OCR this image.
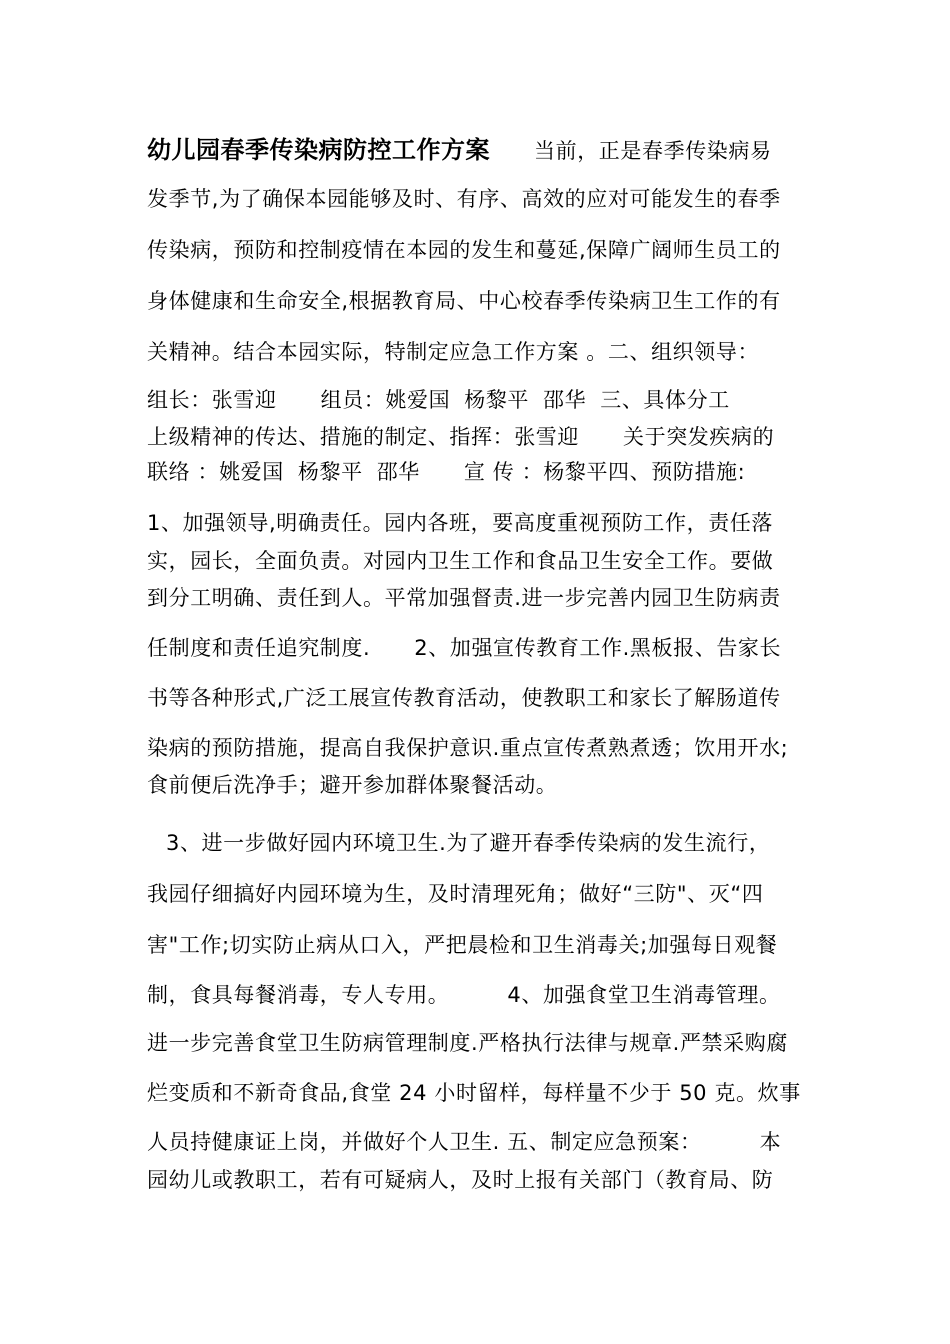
幼儿园春季传染病防控工作方案 当前，正是春季传染病易
发季节,为了确保本园能够及时、有序、高效的应对可能发生的春季
传染病，预防和控制疫情在本园的发生和蔓延,保障广阔师生员工的
身体健康和生命安全,根据教育局、中心校春季传染病卫生工作的有
关精神。结合本园实际，特制定应急工作方案 。二、组织领导：
组长：张雪迎 组员：姚爱国 杨黎平 邵华 三、具体分工
上级精神的传达、措施的制定、指挥：张雪迎 关于突发疾病的
联络 ：姚爱国 杨黎平 邵华 宣 传 ：杨黎平四、预防措施:
1、加强领导,明确责任。园内各班，要高度重视预防工作，责任落
实，园长，全面负责。对园内卫生工作和食品卫生安全工作。要做
到分工明确、责任到人。平常加强督责.进一步完善内园卫生防病责
任制度和责任追究制度. 2、加强宣传教育工作.黑板报、告家长
书等各种形式,广泛工展宣传教育活动，使教职工和家长了解肠道传
染病的预防措施，提高自我保护意识.重点宣传煮熟煮透；饮用开水;
食前便后洗净手；避开参加群体聚餐活动。
3、进一步做好园内环境卫生.为了避开春季传染病的发生流行，
我园仔细搞好内园环境为生，及时清理死角；做好“三防"、灭“四
害"工作;切实防止病从口入，严把晨检和卫生消毒关;加强每日观餐
制，食具每餐消毒，专人专用。	4、加强食堂卫生消毒管理。
进一步完善食堂卫生防病管理制度.严格执行法律与规章.严禁采购腐
烂变质和不新奇食品,食堂 24 小时留样，每样量不少于 50 克。炊事
人员持健康证上岗，并做好个人卫生. 五、制定应急预案：	本
园幼儿或教职工，若有可疑病人，及时上报有关部门（教育局、防
